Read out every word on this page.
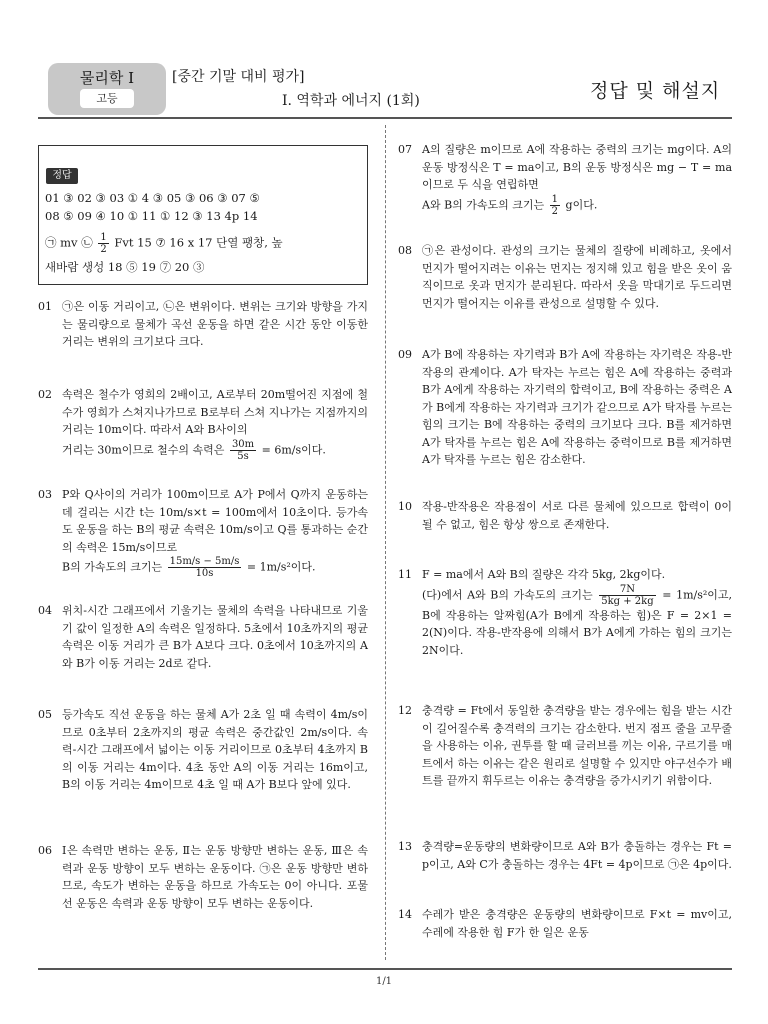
물리학 Ⅰ
고등
[중간 기말 대비 평가]
Ⅰ. 역학과 에너지 (1회)	정답 및 해설지
정답
01 ③ 02 ③ 03 ① 4 ③ 05 ③ 06 ③ 07 ⑤
08 ⑤ 09 ④ 10 ① 11 ① 12 ③ 13 4p 14
㉠ mv ㉡ $\frac{1}{2}$ Fvt 15 ⑦ 16 x 17 단열 팽창, 높
새바람 생성 18 ⑤ 19 ⑦ 20 ③
01 ㉠은 이동 거리이고, ㉡은 변위이다. 변위는 크기와 방향을 가지는 물리량으로 물체가 곡선 운동을 하면 같은 시간 동안 이동한 거리는 변위의 크기보다 크다.
02 속력은 철수가 영희의 2배이고, A로부터 20m떨어진 지점에 철수가 영희가 스쳐지나가므로 B로부터 스쳐 지나가는 지점까지의 거리는 10m이다. 따라서 A와 B사이의
거리는 30m이므로 철수의 속력은 $\frac{30m}{5s} = 6m/s$이다.
03 P와 Q사이의 거리가 100m이므로 A가 P에서 Q까지 운동하는 데 걸리는 시간 t는 10m/s×t = 100m에서 10초이다. 등가속도 운동을 하는 B의 평균 속력은 10m/s이고 Q를 통과하는 순간의 속력은 15m/s이므로
B의 가속도의 크기는 $\frac{15m/s - 5m/s}{10s} = 1m/s^2$이다.
04 위치-시간 그래프에서 기울기는 물체의 속력을 나타내므로 기울기 값이 일정한 A의 속력은 일정하다. 5초에서 10초까지의 평균 속력은 이동 거리가 큰 B가 A보다 크다. 0초에서 10초까지의 A와 B가 이동 거리는 2d로 같다.
05 등가속도 직선 운동을 하는 물체 A가 2초 일 때 속력이 4m/s이므로 0초부터 2초까지의 평균 속력은 중간값인 2m/s이다. 속력-시간 그래프에서 넓이는 이동 거리이므로 0초부터 4초까지 B의 이동 거리는 4m이다. 4초 동안 A의 이동 거리는 16m이고, B의 이동 거리는 4m이므로 4초 일 때 A가 B보다 앞에 있다.
06 Ⅰ은 속력만 변하는 운동, Ⅱ는 운동 방향만 변하는 운동, Ⅲ은 속력과 운동 방향이 모두 변하는 운동이다. ㉠은 운동 방향만 변하므로, 속도가 변하는 운동을 하므로 가속도는 0이 아니다. 포물선 운동은 속력과 운동 방향이 모두 변하는 운동이다.
07 A의 질량은 m이므로 A에 작용하는 중력의 크기는 mg이다. A의 운동 방정식은 T = ma이고, B의 운동 방정식은 mg − T = ma이므로 두 식을 연립하면
A와 B의 가속도의 크기는 $\frac{1}{2}$ g이다.
08 ㉠은 관성이다. 관성의 크기는 물체의 질량에 비례하고, 옷에서 먼지가 떨어지려는 이유는 먼지는 정지해 있고 힘을 받은 옷이 움직이므로 옷과 먼지가 분리된다. 따라서 옷을 막대기로 두드리면 먼지가 떨어지는 이유를 관성으로 설명할 수 있다.
09 A가 B에 작용하는 자기력과 B가 A에 작용하는 자기력은 작용-반작용의 관계이다. A가 탁자는 누르는 힘은 A에 작용하는 중력과 B가 A에게 작용하는 자기력의 합력이고, B에 작용하는 중력은 A가 B에게 작용하는 자기력과 크기가 같으므로 A가 탁자를 누르는 힘의 크기는 B에 작용하는 중력의 크기보다 크다. B를 제거하면 A가 탁자를 누르는 힘은 A에 작용하는 중력이므로 B를 제거하면 A가 탁자를 누르는 힘은 감소한다.
10 작용-반작용은 작용점이 서로 다른 물체에 있으므로 합력이 0이 될 수 없고, 힘은 항상 쌍으로 존재한다.
11 F = ma에서 A와 B의 질량은 각각 5kg, 2kg이다.
(다)에서 A와 B의 가속도의 크기는 $\frac{7N}{5kg + 2kg} = 1m/s^2$이고, B에 작용하는 알짜힘(A가 B에게 작용하는 힘)은 F = 2×1 = 2(N)이다. 작용-반작용에 의해서 B가 A에게 가하는 힘의 크기는 2N이다.
12 충격량 = Ft에서 동일한 충격량을 받는 경우에는 힘을 받는 시간이 길어질수록 충격력의 크기는 감소한다. 번지 점프 줄을 고무줄을 사용하는 이유, 권투를 할 때 글러브를 끼는 이유, 구르기를 매트에서 하는 이유는 같은 원리로 설명할 수 있지만 야구선수가 배트를 끝까지 휘두르는 이유는 충격량을 증가시키기 위함이다.
13 충격량=운동량의 변화량이므로 A와 B가 충돌하는 경우는 Ft = p이고, A와 C가 충돌하는 경우는 4Ft = 4p이므로 ㉠은 4p이다.
14 수레가 받은 충격량은 운동량의 변화량이므로 F×t = mv이고, 수레에 작용한 힘 F가 한 일은 운동
1/1
